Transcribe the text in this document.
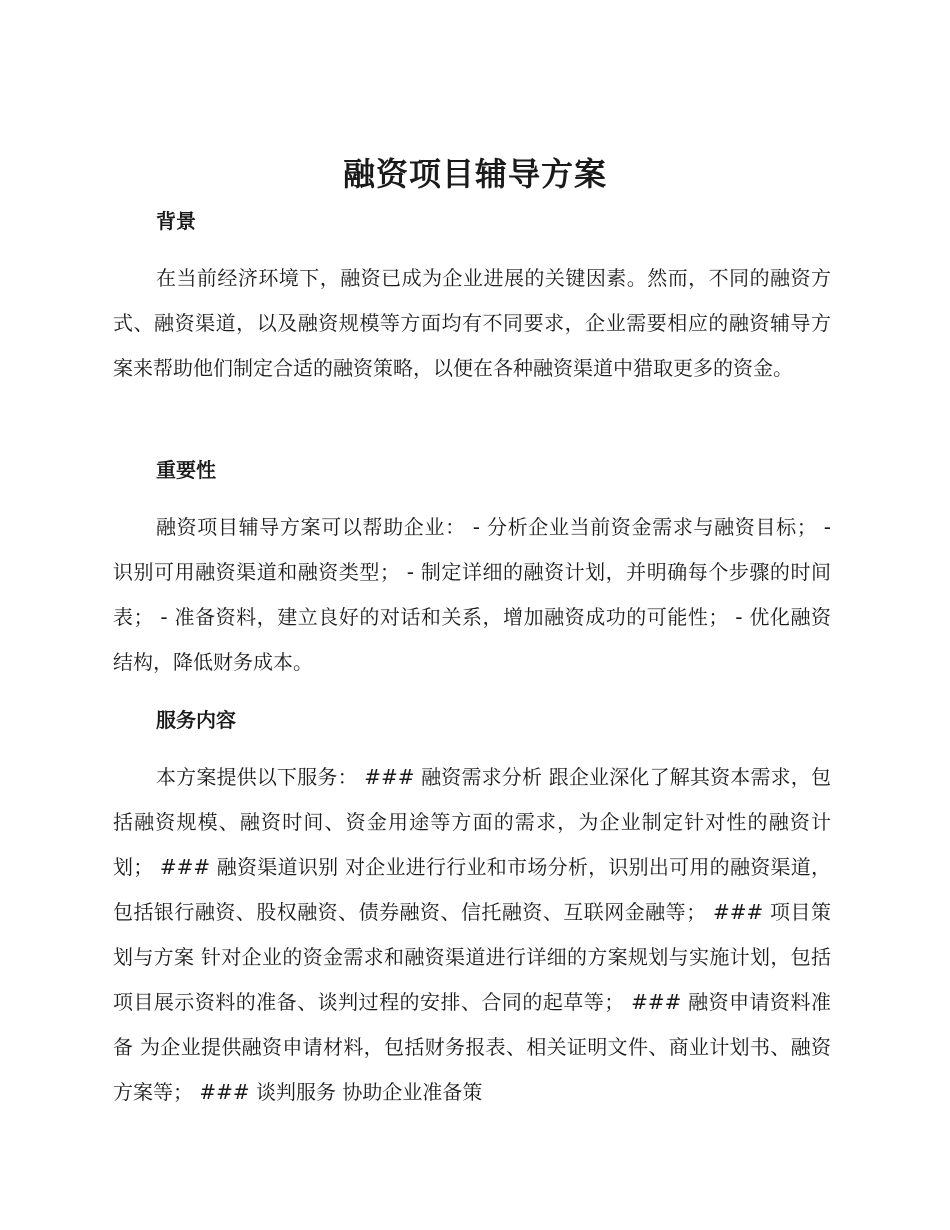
融资项目辅导方案
背景

在当前经济环境下，融资已成为企业进展的关键因素。然而，不同的融资方式、融资渠道，以及融资规模等方面均有不同要求，企业需要相应的融资辅导方案来帮助他们制定合适的融资策略，以便在各种融资渠道中猎取更多的资金。

重要性

融资项目辅导方案可以帮助企业： - 分析企业当前资金需求与融资目标； - 识别可用融资渠道和融资类型； - 制定详细的融资计划，并明确每个步骤的时间表； - 准备资料，建立良好的对话和关系，增加融资成功的可能性； - 优化融资结构，降低财务成本。

服务内容

本方案提供以下服务： ### 融资需求分析 跟企业深化了解其资本需求，包括融资规模、融资时间、资金用途等方面的需求，为企业制定针对性的融资计划； ### 融资渠道识别 对企业进行行业和市场分析，识别出可用的融资渠道，包括银行融资、股权融资、债券融资、信托融资、互联网金融等； ### 项目策划与方案 针对企业的资金需求和融资渠道进行详细的方案规划与实施计划，包括项目展示资料的准备、谈判过程的安排、合同的起草等； ### 融资申请资料准备 为企业提供融资申请材料，包括财务报表、相关证明文件、商业计划书、融资方案等； ### 谈判服务 协助企业准备策
